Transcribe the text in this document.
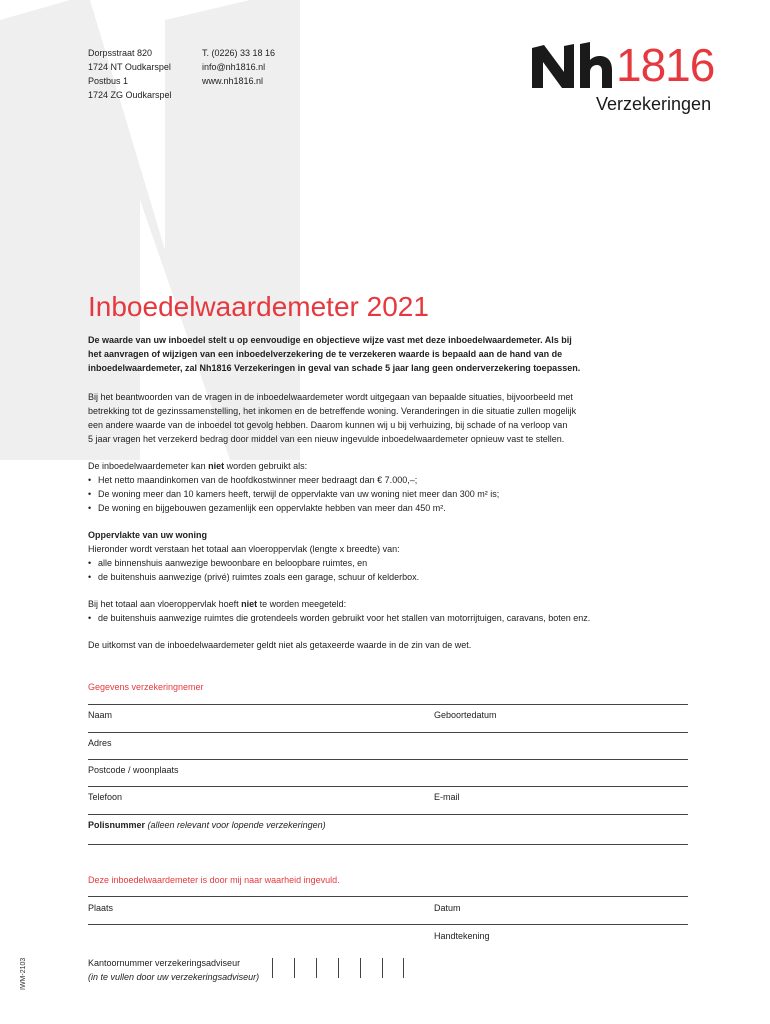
Dorpsstraat 820
1724 NT Oudkarspel
Postbus 1
1724 ZG Oudkarspel
T. (0226) 33 18 16
info@nh1816.nl
www.nh1816.nl	1816
Verzekeringen
Inboedelwaardemeter 2021
De waarde van uw inboedel stelt u op eenvoudige en objectieve wijze vast met deze inboedelwaardemeter. Als bij
het aanvragen of wijzigen van een inboedelverzekering de te verzekeren waarde is bepaald aan de hand van de
inboedelwaardemeter, zal Nh1816 Verzekeringen in geval van schade 5 jaar lang geen onderverzekering toepassen.
Bij het beantwoorden van de vragen in de inboedelwaardemeter wordt uitgegaan van bepaalde situaties, bijvoorbeeld met
betrekking tot de gezinssamenstelling, het inkomen en de betreffende woning. Veranderingen in die situatie zullen mogelijk
een andere waarde van de inboedel tot gevolg hebben. Daarom kunnen wij u bij verhuizing, bij schade of na verloop van
5 jaar vragen het verzekerd bedrag door middel van een nieuw ingevulde inboedelwaardemeter opnieuw vast te stellen.
De inboedelwaardemeter kan niet worden gebruikt als:
• Het netto maandinkomen van de hoofdkostwinner meer bedraagt dan € 7.000,–;
• De woning meer dan 10 kamers heeft, terwijl de oppervlakte van uw woning niet meer dan 300 m² is;
• De woning en bijgebouwen gezamenlijk een oppervlakte hebben van meer dan 450 m².
Oppervlakte van uw woning
Hieronder wordt verstaan het totaal aan vloeroppervlak (lengte x breedte) van:
• alle binnenshuis aanwezige bewoonbare en beloopbare ruimtes, en
• de buitenshuis aanwezige (privé) ruimtes zoals een garage, schuur of kelderbox.
Bij het totaal aan vloeroppervlak hoeft niet te worden meegeteld:
• de buitenshuis aanwezige ruimtes die grotendeels worden gebruikt voor het stallen van motorrijtuigen, caravans, boten enz.
De uitkomst van de inboedelwaardemeter geldt niet als getaxeerde waarde in de zin van de wet.
Gegevens verzekeringnemer
Naam	Geboortedatum
Adres
Postcode / woonplaats
Telefoon	E-mail
Polisnummer (alleen relevant voor lopende verzekeringen)
Deze inboedelwaardemeter is door mij naar waarheid ingevuld.
Plaats	Datum
Handtekening
Kantoornummer verzekeringsadviseur
(in te vullen door uw verzekeringsadviseur)
IWM-2103
